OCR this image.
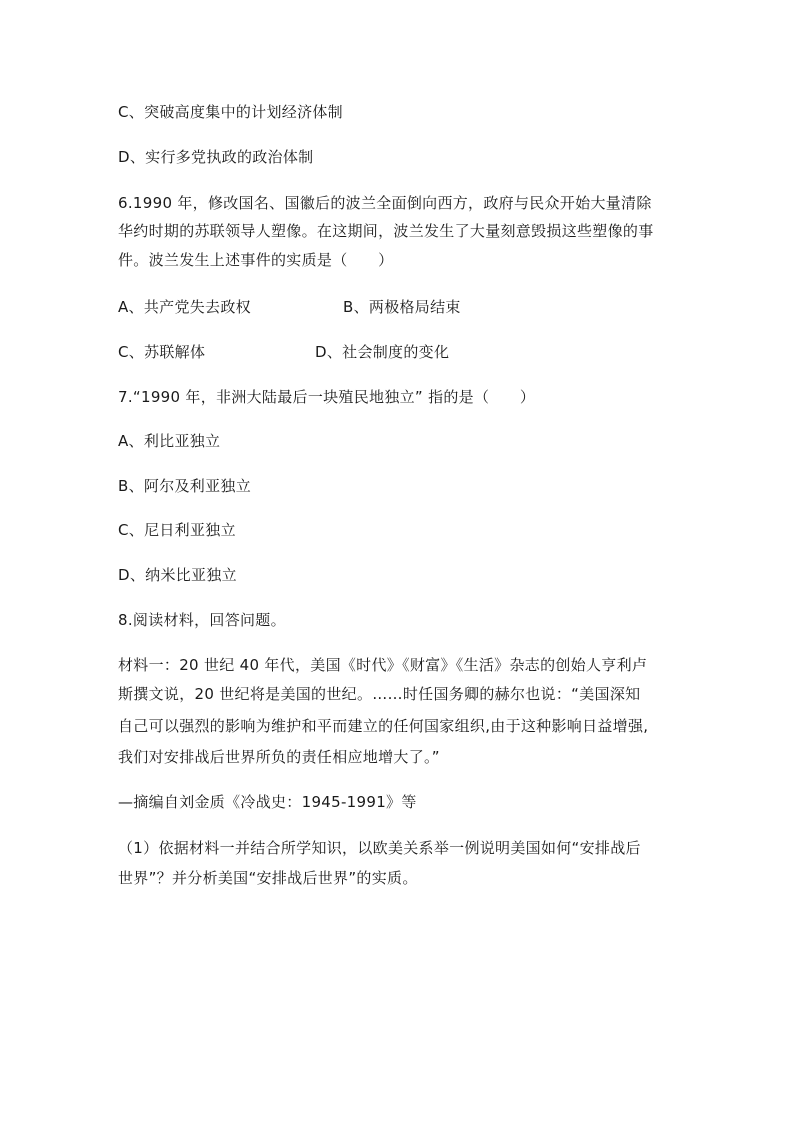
C、突破高度集中的计划经济体制
D、实行多党执政的政治体制
6.1990 年，修改国名、国徽后的波兰全面倒向西方，政府与民众开始大量清除
华约时期的苏联领导人塑像。在这期间，波兰发生了大量刻意毁损这些塑像的事
件。波兰发生上述事件的实质是（　　）
A、共产党失去政权	B、两极格局结束
C、苏联解体	D、社会制度的变化
7.“1990 年，非洲大陆最后一块殖民地独立” 指的是（　　）
A、利比亚独立
B、阿尔及利亚独立
C、尼日利亚独立
D、纳米比亚独立
8.阅读材料，回答问题。
材料一：20 世纪 40 年代，美国《时代》《财富》《生活》杂志的创始人亨利卢
斯撰文说，20 世纪将是美国的世纪。……时任国务卿的赫尔也说：“美国深知
自己可以强烈的影响为维护和平而建立的任何国家组织,由于这种影响日益增强,
我们对安排战后世界所负的责任相应地增大了。”
—摘编自刘金质《冷战史：1945-1991》等
（1）依据材料一并结合所学知识，以欧美关系举一例说明美国如何“安排战后
世界”？并分析美国“安排战后世界”的实质。
